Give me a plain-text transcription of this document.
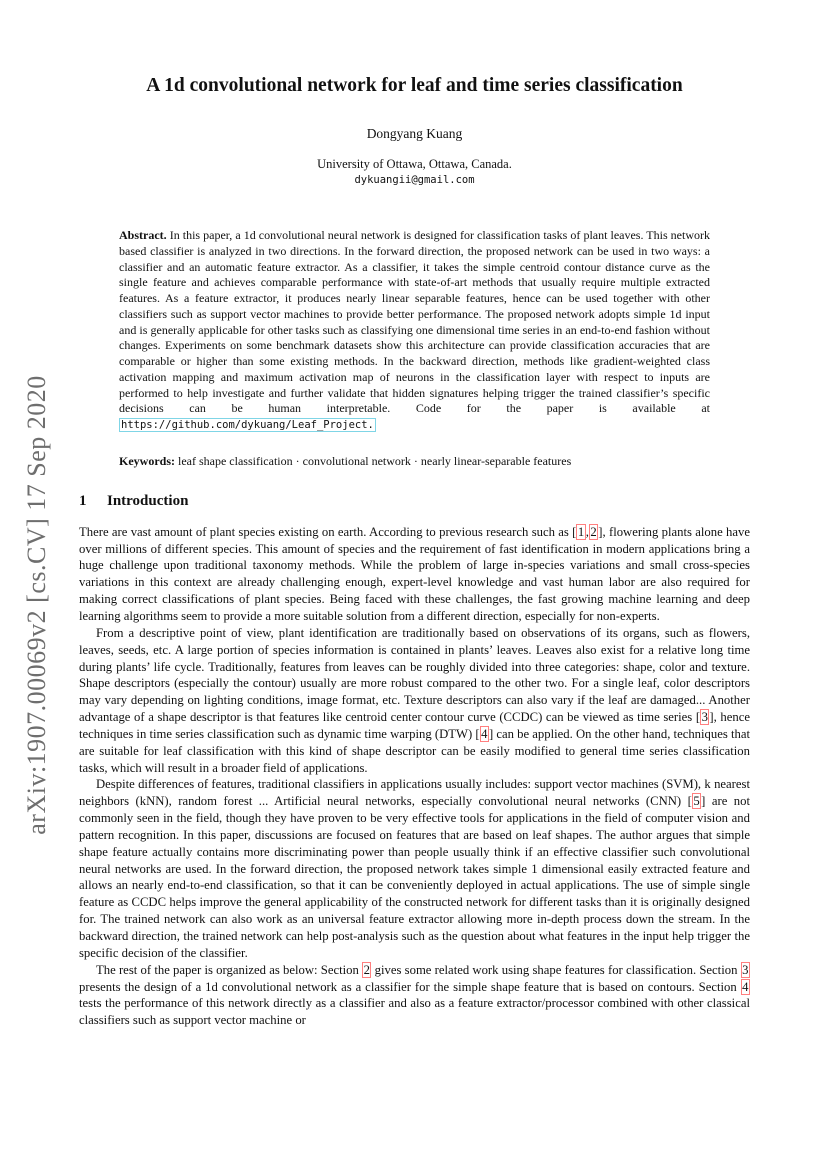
arXiv:1907.00069v2 [cs.CV] 17 Sep 2020
A 1d convolutional network for leaf and time series classification
Dongyang Kuang
University of Ottawa, Ottawa, Canada.
dykuangii@gmail.com
Abstract. In this paper, a 1d convolutional neural network is designed for classification tasks of plant leaves. This network based classifier is analyzed in two directions. In the forward direction, the proposed network can be used in two ways: a classifier and an automatic feature extractor. As a classifier, it takes the simple centroid contour distance curve as the single feature and achieves comparable performance with state-of-art methods that usually require multiple extracted features. As a feature extractor, it produces nearly linear separable features, hence can be used together with other classifiers such as support vector machines to provide better performance. The proposed network adopts simple 1d input and is generally applicable for other tasks such as classifying one dimensional time series in an end-to-end fashion without changes. Experiments on some benchmark datasets show this architecture can provide classification accuracies that are comparable or higher than some existing methods. In the backward direction, methods like gradient-weighted class activation mapping and maximum activation map of neurons in the classification layer with respect to inputs are performed to help investigate and further validate that hidden signatures helping trigger the trained classifier’s specific decisions can be human interpretable. Code for the paper is available at https://github.com/dykuang/Leaf_Project.
Keywords: leaf shape classification · convolutional network · nearly linear-separable features
1 Introduction

There are vast amount of plant species existing on earth. According to previous research such as [ 1 , 2 ], flowering plants alone have over millions of different species. This amount of species and the requirement of fast identification in modern applications bring a huge challenge upon traditional taxonomy methods. While the problem of large in-species variations and small cross-species variations in this context are already challenging enough, expert-level knowledge and vast human labor are also required for making correct classifications of plant species. Being faced with these challenges, the fast growing machine learning and deep learning algorithms seem to provide a more suitable solution from a different direction, especially for non-experts.

From a descriptive point of view, plant identification are traditionally based on observations of its organs, such as flowers, leaves, seeds, etc. A large portion of species information is contained in plants’ leaves. Leaves also exist for a relative long time during plants’ life cycle. Traditionally, features from leaves can be roughly divided into three categories: shape, color and texture. Shape descriptors (especially the contour) usually are more robust compared to the other two. For a single leaf, color descriptors may vary depending on lighting conditions, image format, etc. Texture descriptors can also vary if the leaf are damaged... Another advantage of a shape descriptor is that features like centroid center contour curve (CCDC) can be viewed as time series [ 3 ], hence techniques in time series classification such as dynamic time warping (DTW) [ 4 ] can be applied. On the other hand, techniques that are suitable for leaf classification with this kind of shape descriptor can be easily modified to general time series classification tasks, which will result in a broader field of applications.

Despite differences of features, traditional classifiers in applications usually includes: support vector machines (SVM), k nearest neighbors (kNN), random forest ... Artificial neural networks, especially convolutional neural networks (CNN) [ 5 ] are not commonly seen in the field, though they have proven to be very effective tools for applications in the field of computer vision and pattern recognition. In this paper, discussions are focused on features that are based on leaf shapes. The author argues that simple shape feature actually contains more discriminating power than people usually think if an effective classifier such convolutional neural networks are used. In the forward direction, the proposed network takes simple 1 dimensional easily extracted feature and allows an nearly end-to-end classification, so that it can be conveniently deployed in actual applications. The use of simple single feature as CCDC helps improve the general applicability of the constructed network for different tasks than it is originally designed for. The trained network can also work as an universal feature extractor allowing more in-depth process down the stream. In the backward direction, the trained network can help post-analysis such as the question about what features in the input help trigger the specific decision of the classifier.

The rest of the paper is organized as below: Section 2 gives some related work using shape features for classification. Section 3 presents the design of a 1d convolutional network as a classifier for the simple shape feature that is based on contours. Section 4 tests the performance of this network directly as a classifier and also as a feature extractor/processor combined with other classical classifiers such as support vector machine or
